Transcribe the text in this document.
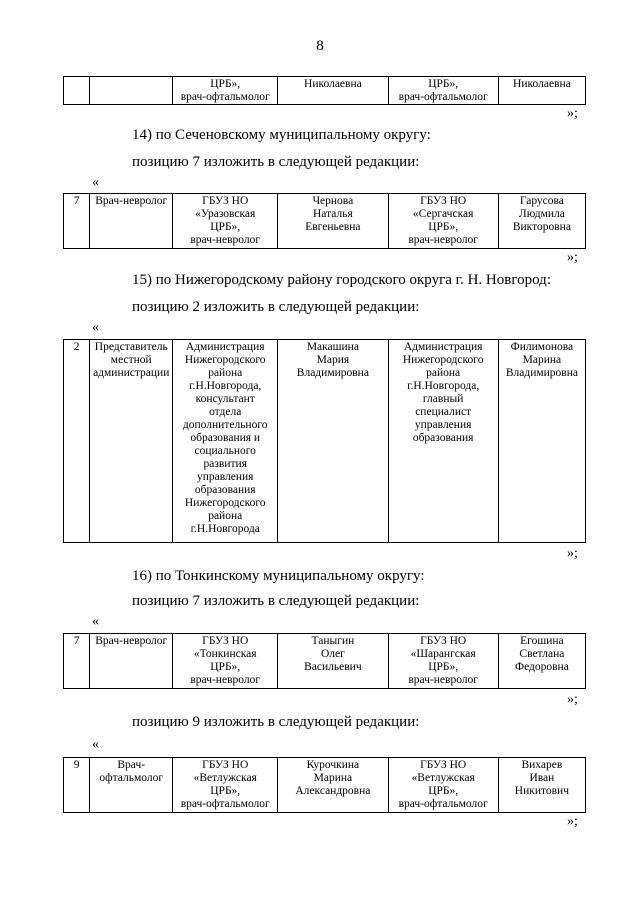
8
		ЦРБ»,
врач-офтальмолог	Николаевна	ЦРБ»,
врач-офтальмолог	Николаевна
»;
14) по Сеченовскому муниципальному округу:
позицию 7 изложить в следующей редакции:
«
7	Врач-невролог	ГБУЗ НО
«Уразовская
ЦРБ»,
врач-невролог	Чернова
Наталья
Евгеньевна	ГБУЗ НО
«Сергачская
ЦРБ»,
врач-невролог	Гарусова
Людмила
Викторовна
»;
15) по Нижегородскому району городского округа г. Н. Новгород:
позицию 2 изложить в следующей редакции:
«
2	Представитель
местной
администрации	Администрация
Нижегородского
района
г.Н.Новгорода,
консультант
отдела
дополнительного
образования и
социального
развития
управления
образования
Нижегородского
района
г.Н.Новгорода	Макашина
Мария
Владимировна	Администрация
Нижегородского
района
г.Н.Новгорода,
главный
специалист
управления
образования	Филимонова
Марина
Владимировна
»;
16) по Тонкинскому муниципальному округу:
позицию 7 изложить в следующей редакции:
«
7	Врач-невролог	ГБУЗ НО
«Тонкинская
ЦРБ»,
врач-невролог	Таныгин
Олег
Васильевич	ГБУЗ НО
«Шарангская
ЦРБ»,
врач-невролог	Егошина
Светлана
Федоровна
»;
позицию 9 изложить в следующей редакции:
«
9	Врач-
офтальмолог	ГБУЗ НО
«Ветлужская
ЦРБ»,
врач-офтальмолог	Курочкина
Марина
Александровна	ГБУЗ НО
«Ветлужская
ЦРБ»,
врач-офтальмолог	Вихарев
Иван
Никитович
»;
